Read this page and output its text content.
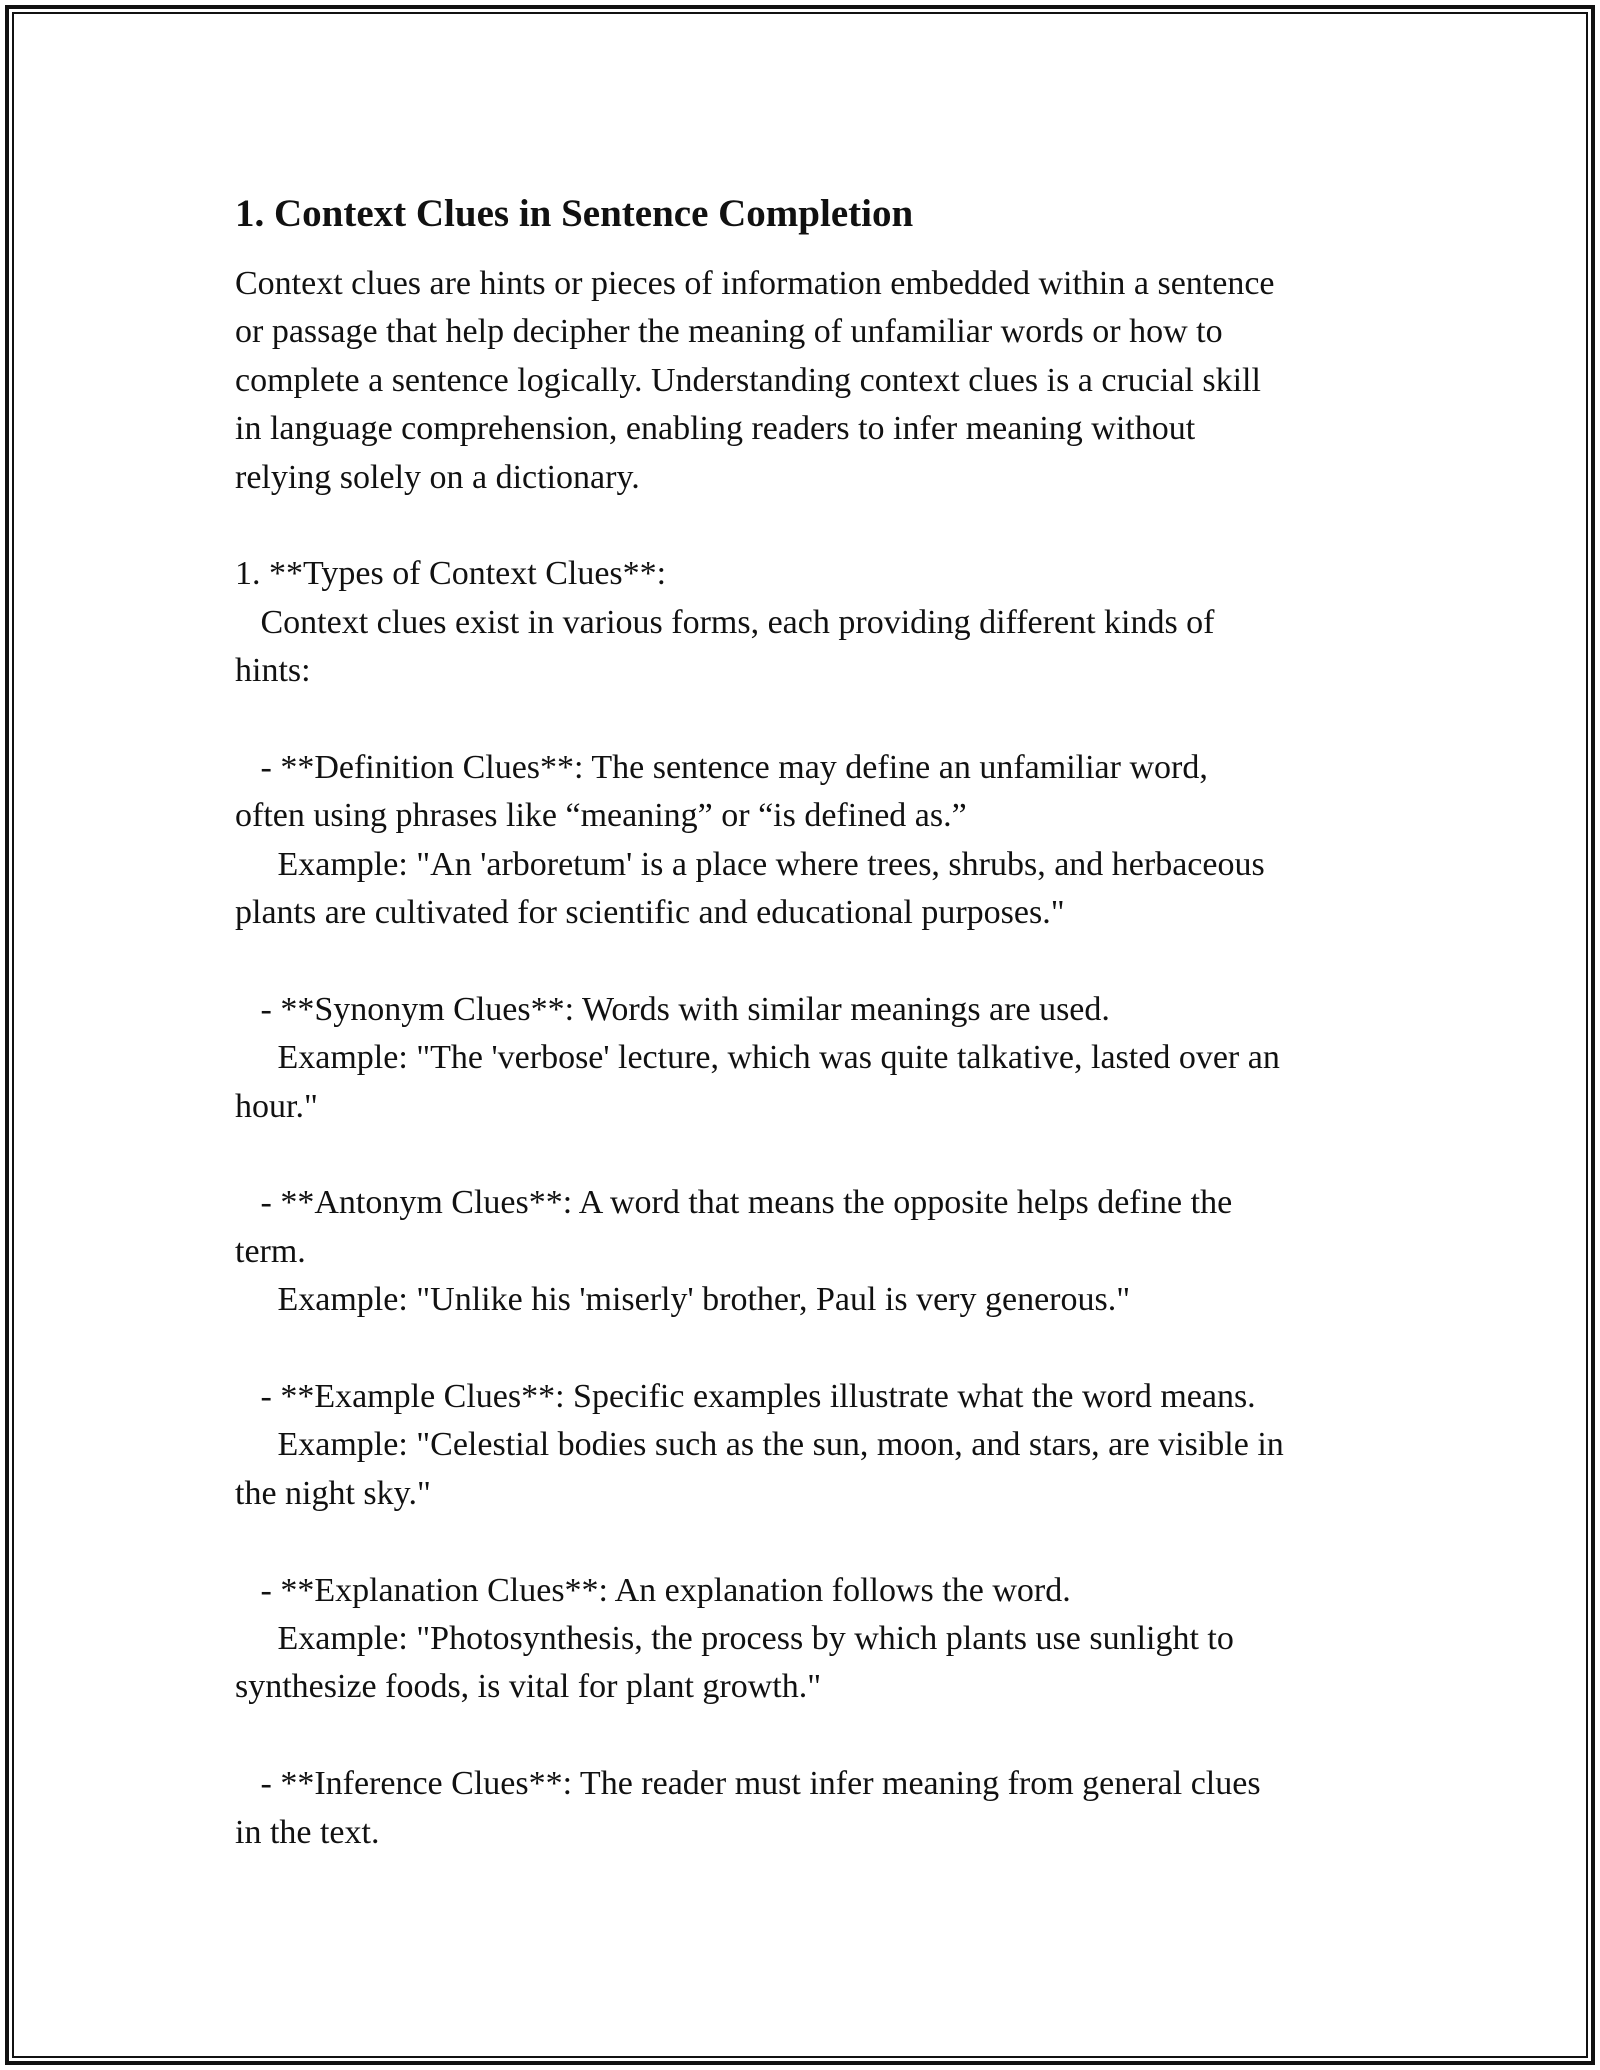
1. Context Clues in Sentence Completion
Context clues are hints or pieces of information embedded within a sentence
or passage that help decipher the meaning of unfamiliar words or how to
complete a sentence logically. Understanding context clues is a crucial skill
in language comprehension, enabling readers to infer meaning without
relying solely on a dictionary.
1. **Types of Context Clues**:
Context clues exist in various forms, each providing different kinds of
hints:
- **Definition Clues**: The sentence may define an unfamiliar word,
often using phrases like “meaning” or “is defined as.”
Example: "An 'arboretum' is a place where trees, shrubs, and herbaceous
plants are cultivated for scientific and educational purposes."
- **Synonym Clues**: Words with similar meanings are used.
Example: "The 'verbose' lecture, which was quite talkative, lasted over an
hour."
- **Antonym Clues**: A word that means the opposite helps define the
term.
Example: "Unlike his 'miserly' brother, Paul is very generous."
- **Example Clues**: Specific examples illustrate what the word means.
Example: "Celestial bodies such as the sun, moon, and stars, are visible in
the night sky."
- **Explanation Clues**: An explanation follows the word.
Example: "Photosynthesis, the process by which plants use sunlight to
synthesize foods, is vital for plant growth."
- **Inference Clues**: The reader must infer meaning from general clues
in the text.
